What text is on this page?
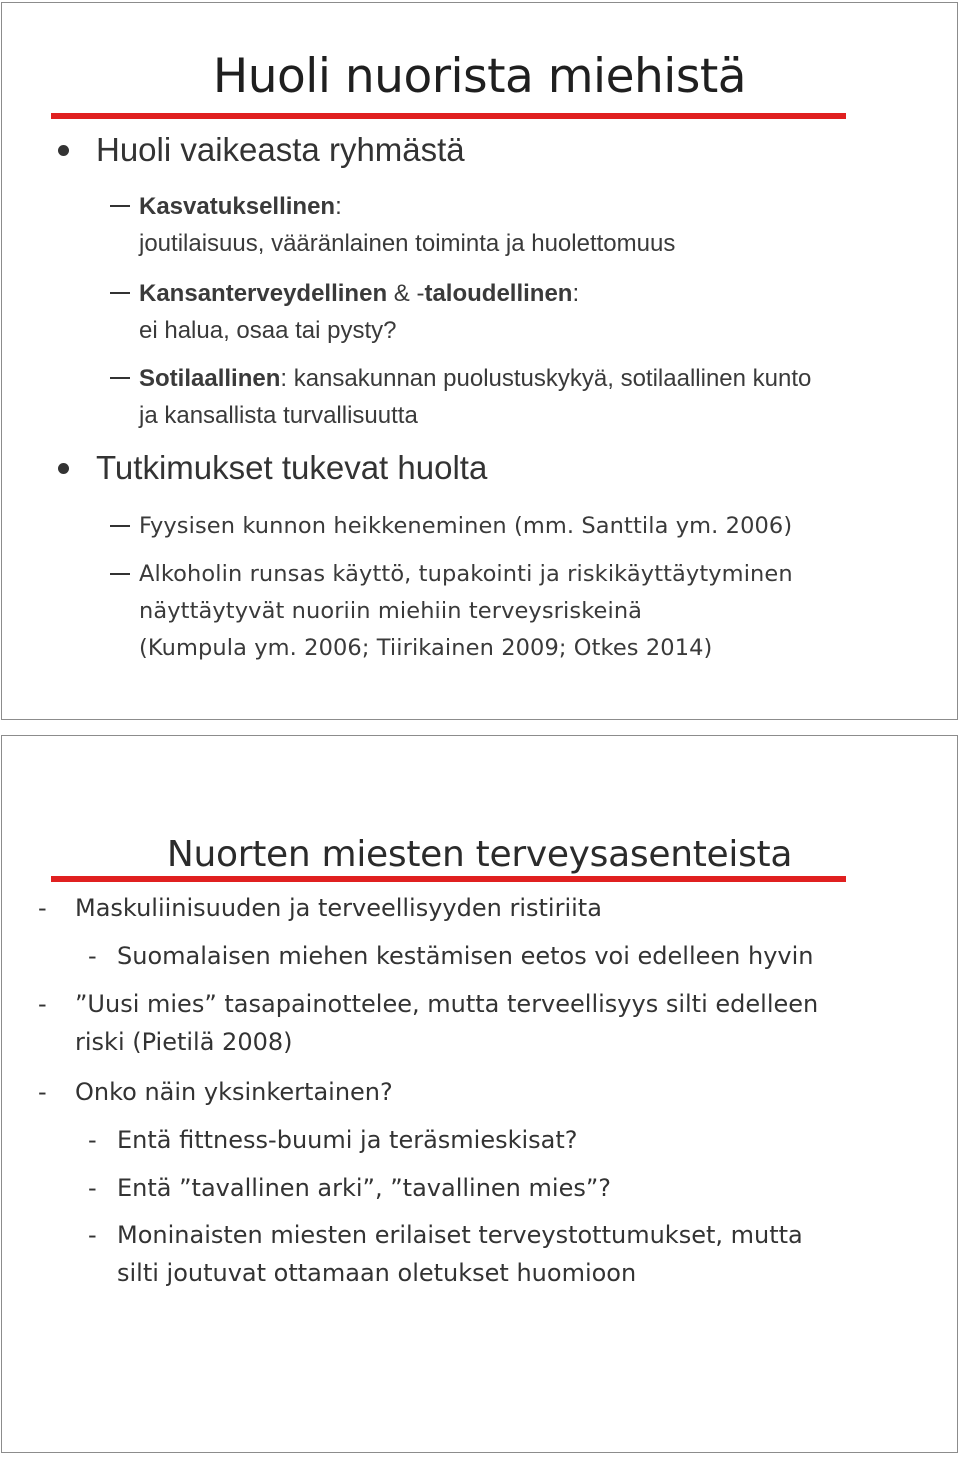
Huoli nuorista miehistä
Huoli vaikeasta ryhmästä
Kasvatuksellinen:
joutilaisuus, vääränlainen toiminta ja huolettomuus
Kansanterveydellinen & -taloudellinen:
ei halua, osaa tai pysty?
Sotilaallinen: kansakunnan puolustuskykyä, sotilaallinen kunto
ja kansallista turvallisuutta
Tutkimukset tukevat huolta
Fyysisen kunnon heikkeneminen (mm. Santtila ym. 2006)
Alkoholin runsas käyttö, tupakointi ja riskikäyttäytyminen
näyttäytyvät nuoriin miehiin terveysriskeinä
(Kumpula ym. 2006; Tiirikainen 2009; Otkes 2014)
Nuorten miesten terveysasenteista
- Maskuliinisuuden ja terveellisyyden ristiriita
- Suomalaisen miehen kestämisen eetos voi edelleen hyvin
- ”Uusi mies” tasapainottelee, mutta terveellisyys silti edelleen
riski (Pietilä 2008)
- Onko näin yksinkertainen?
- Entä fittness-buumi ja teräsmieskisat?
- Entä ”tavallinen arki”, ”tavallinen mies”?
- Moninaisten miesten erilaiset terveystottumukset, mutta
silti joutuvat ottamaan oletukset huomioon
